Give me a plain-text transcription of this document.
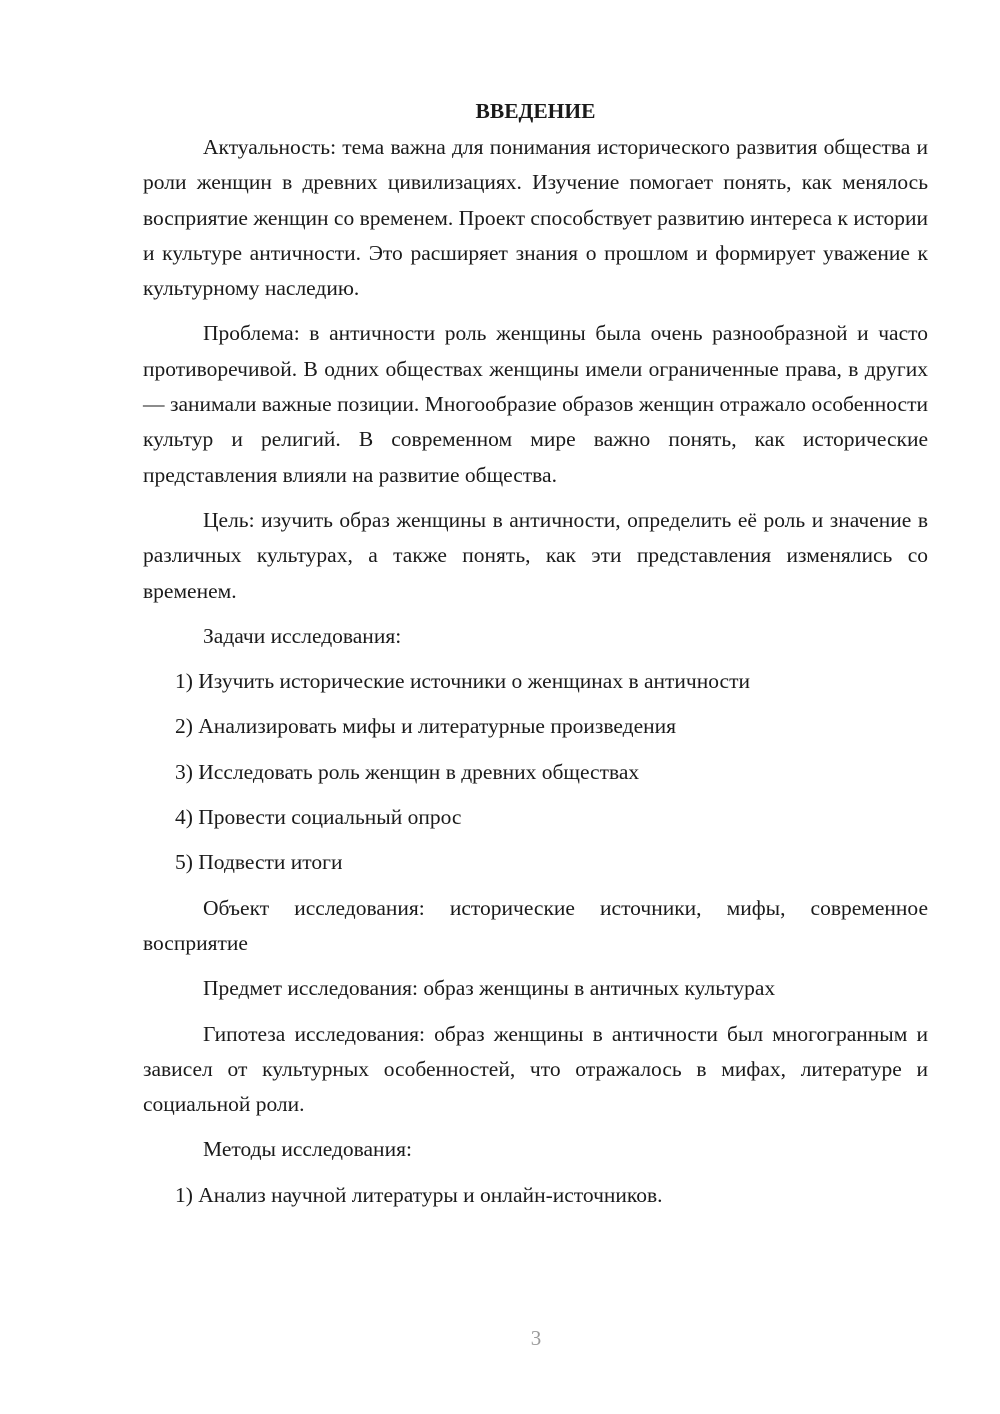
ВВЕДЕНИЕ

Актуальность: тема важна для понимания исторического развития общества и роли женщин в древних цивилизациях. Изучение помогает понять, как менялось восприятие женщин со временем. Проект способствует развитию интереса к истории и культуре античности. Это расширяет знания о прошлом и формирует уважение к культурному наследию.

Проблема: в античности роль женщины была очень разнообразной и часто противоречивой. В одних обществах женщины имели ограниченные права, в других — занимали важные позиции. Многообразие образов женщин отражало особенности культур и религий. В современном мире важно понять, как исторические представления влияли на развитие общества.

Цель: изучить образ женщины в античности, определить её роль и значение в различных культурах, а также понять, как эти представления изменялись со временем.

Задачи исследования:

1) Изучить исторические источники о женщинах в античности
2) Анализировать мифы и литературные произведения
3) Исследовать роль женщин в древних обществах
4) Провести социальный опрос
5) Подвести итоги

Объект исследования: исторические источники, мифы, современное восприятие

Предмет исследования: образ женщины в античных культурах

Гипотеза исследования: образ женщины в античности был многогранным и зависел от культурных особенностей, что отражалось в мифах, литературе и социальной роли.

Методы исследования:

1) Анализ научной литературы и онлайн-источников.
3
